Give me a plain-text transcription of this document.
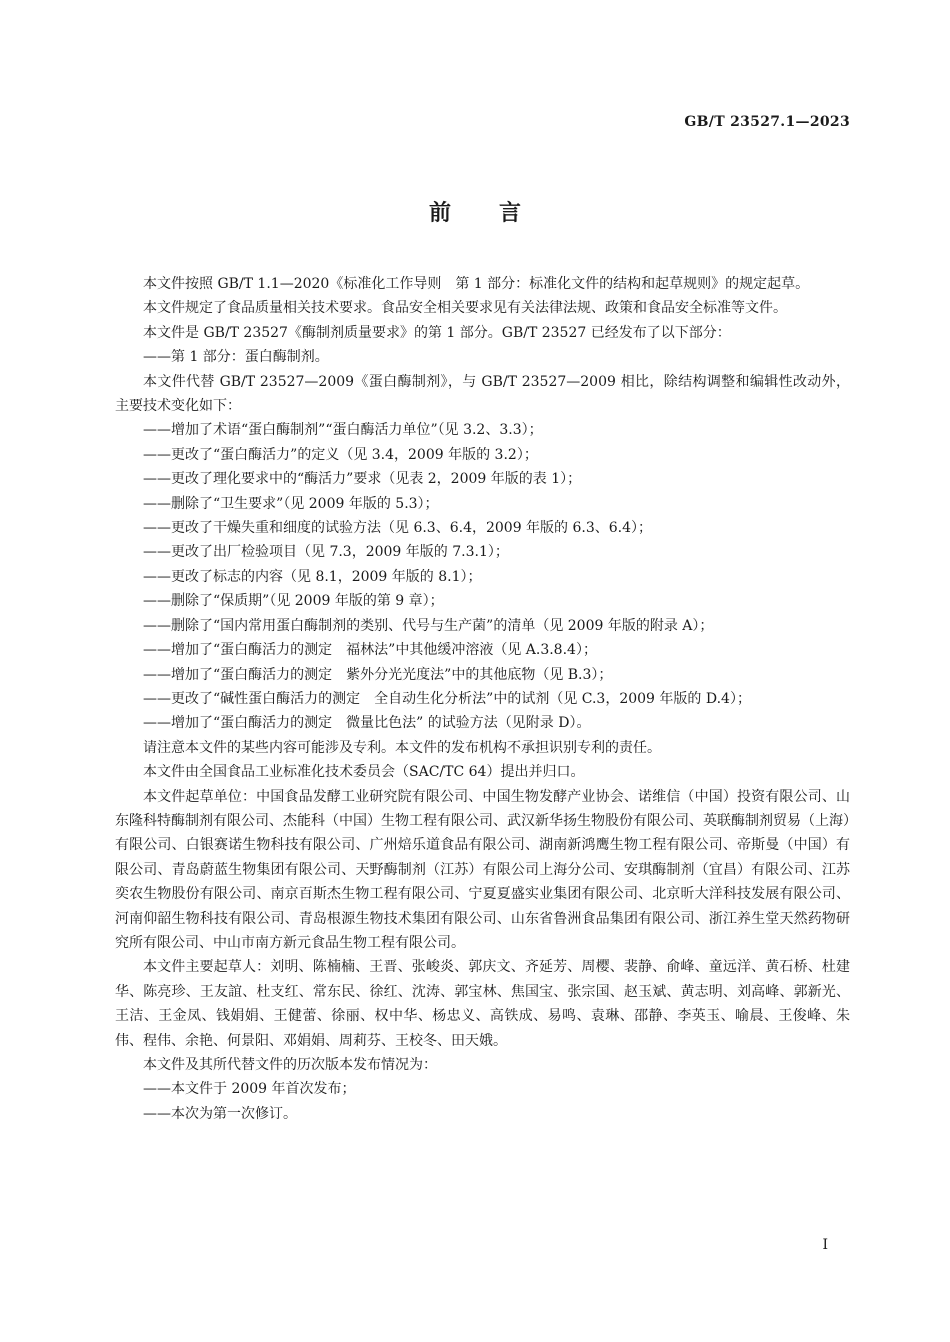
GB/T 23527.1—2023
前言

本文件按照 GB/T 1.1—2020《标准化工作导则　第 1 部分：标准化文件的结构和起草规则》的规定起草。

本文件规定了食品质量相关技术要求。食品安全相关要求见有关法律法规、政策和食品安全标准等文件。

本文件是 GB/T 23527《酶制剂质量要求》的第 1 部分。GB/T 23527 已经发布了以下部分：

——第 1 部分：蛋白酶制剂。

本文件代替 GB/T 23527—2009《蛋白酶制剂》，与 GB/T 23527—2009 相比，除结构调整和编辑性改动外，主要技术变化如下：

——增加了术语“蛋白酶制剂”“蛋白酶活力单位”（见 3.2、3.3）；

——更改了“蛋白酶活力”的定义（见 3.4，2009 年版的 3.2）；

——更改了理化要求中的“酶活力”要求（见表 2，2009 年版的表 1）；

——删除了“卫生要求”（见 2009 年版的 5.3）；

——更改了干燥失重和细度的试验方法（见 6.3、6.4，2009 年版的 6.3、6.4）；

——更改了出厂检验项目（见 7.3，2009 年版的 7.3.1）；

——更改了标志的内容（见 8.1，2009 年版的 8.1）；

——删除了“保质期”（见 2009 年版的第 9 章）；

——删除了“国内常用蛋白酶制剂的类别、代号与生产菌”的清单（见 2009 年版的附录 A）；

——增加了“蛋白酶活力的测定　福林法”中其他缓冲溶液（见 A.3.8.4）；

——增加了“蛋白酶活力的测定　紫外分光光度法”中的其他底物（见 B.3）；

——更改了“碱性蛋白酶活力的测定　全自动生化分析法”中的试剂（见 C.3，2009 年版的 D.4）；

——增加了“蛋白酶活力的测定　微量比色法” 的试验方法（见附录 D）。

请注意本文件的某些内容可能涉及专利。本文件的发布机构不承担识别专利的责任。

本文件由全国食品工业标准化技术委员会（SAC/TC 64）提出并归口。

本文件起草单位：中国食品发酵工业研究院有限公司、中国生物发酵产业协会、诺维信（中国）投资有限公司、山东隆科特酶制剂有限公司、杰能科（中国）生物工程有限公司、武汉新华扬生物股份有限公司、英联酶制剂贸易（上海）有限公司、白银赛诺生物科技有限公司、广州焙乐道食品有限公司、湖南新鸿鹰生物工程有限公司、帝斯曼（中国）有限公司、青岛蔚蓝生物集团有限公司、天野酶制剂（江苏）有限公司上海分公司、安琪酶制剂（宜昌）有限公司、江苏奕农生物股份有限公司、南京百斯杰生物工程有限公司、宁夏夏盛实业集团有限公司、北京昕大洋科技发展有限公司、河南仰韶生物科技有限公司、青岛根源生物技术集团有限公司、山东省鲁洲食品集团有限公司、浙江养生堂天然药物研究所有限公司、中山市南方新元食品生物工程有限公司。

本文件主要起草人：刘明、陈楠楠、王晋、张峻炎、郭庆文、齐延芳、周樱、裴静、俞峰、童远洋、黄石桥、杜建华、陈亮珍、王友誼、杜支红、常东民、徐红、沈涛、郭宝林、焦国宝、张宗国、赵玉斌、黄志明、刘高峰、郭新光、王洁、王金凤、钱娟娟、王健蕾、徐丽、权中华、杨忠义、高铁成、易鸣、袁琳、邵静、李英玉、喻晨、王俊峰、朱伟、程伟、余艳、何景阳、邓娟娟、周莉芬、王校冬、田天娥。

本文件及其所代替文件的历次版本发布情况为：

——本文件于 2009 年首次发布；

——本次为第一次修订。

I
